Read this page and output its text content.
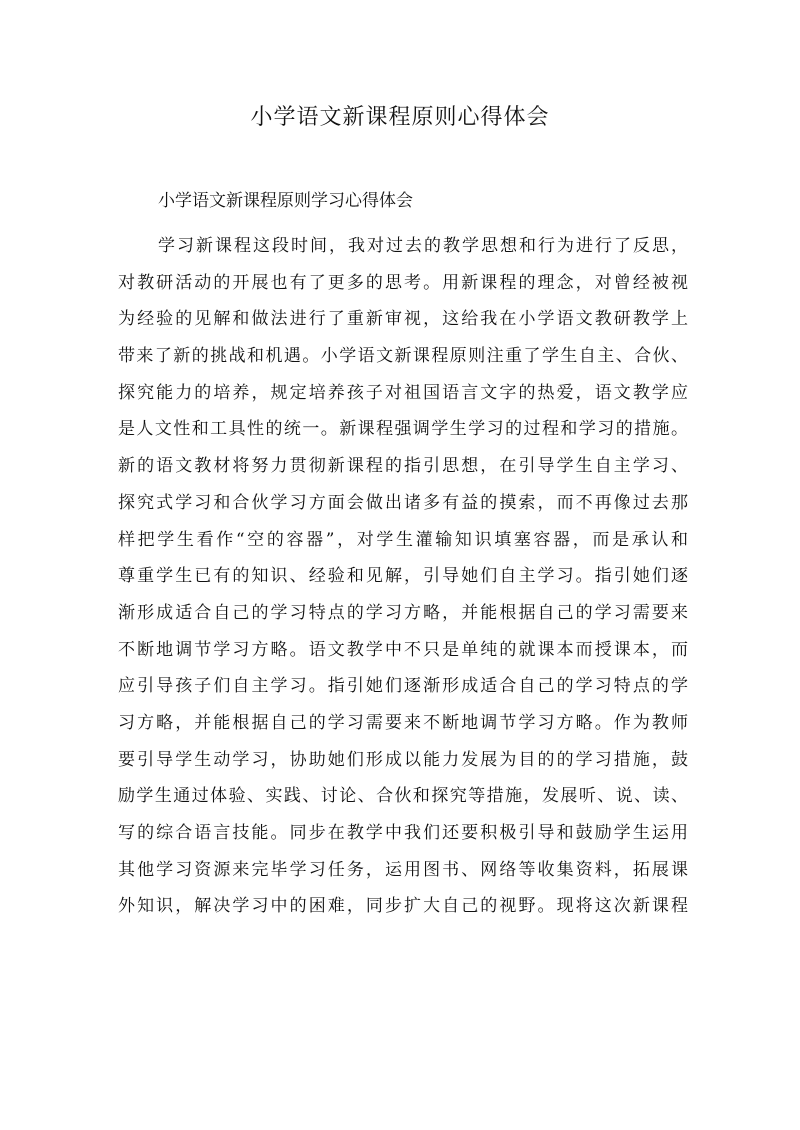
小学语文新课程原则心得体会
小学语文新课程原则学习心得体会
学习新课程这段时间，我对过去的教学思想和行为进行了反思，
对教研活动的开展也有了更多的思考。用新课程的理念，对曾经被视
为经验的见解和做法进行了重新审视，这给我在小学语文教研教学上
带来了新的挑战和机遇。小学语文新课程原则注重了学生自主、合伙、
探究能力的培养，规定培养孩子对祖国语言文字的热爱，语文教学应
是人文性和工具性的统一。新课程强调学生学习的过程和学习的措施。
新的语文教材将努力贯彻新课程的指引思想，在引导学生自主学习、
探究式学习和合伙学习方面会做出诸多有益的摸索，而不再像过去那
样把学生看作“空的容器”，对学生灌输知识填塞容器，而是承认和
尊重学生已有的知识、经验和见解，引导她们自主学习。指引她们逐
渐形成适合自己的学习特点的学习方略，并能根据自己的学习需要来
不断地调节学习方略。语文教学中不只是单纯的就课本而授课本，而
应引导孩子们自主学习。指引她们逐渐形成适合自己的学习特点的学
习方略，并能根据自己的学习需要来不断地调节学习方略。作为教师
要引导学生动学习，协助她们形成以能力发展为目的的学习措施，鼓
励学生通过体验、实践、讨论、合伙和探究等措施，发展听、说、读、
写的综合语言技能。同步在教学中我们还要积极引导和鼓励学生运用
其他学习资源来完毕学习任务，运用图书、网络等收集资料，拓展课
外知识，解决学习中的困难，同步扩大自己的视野。现将这次新课程
